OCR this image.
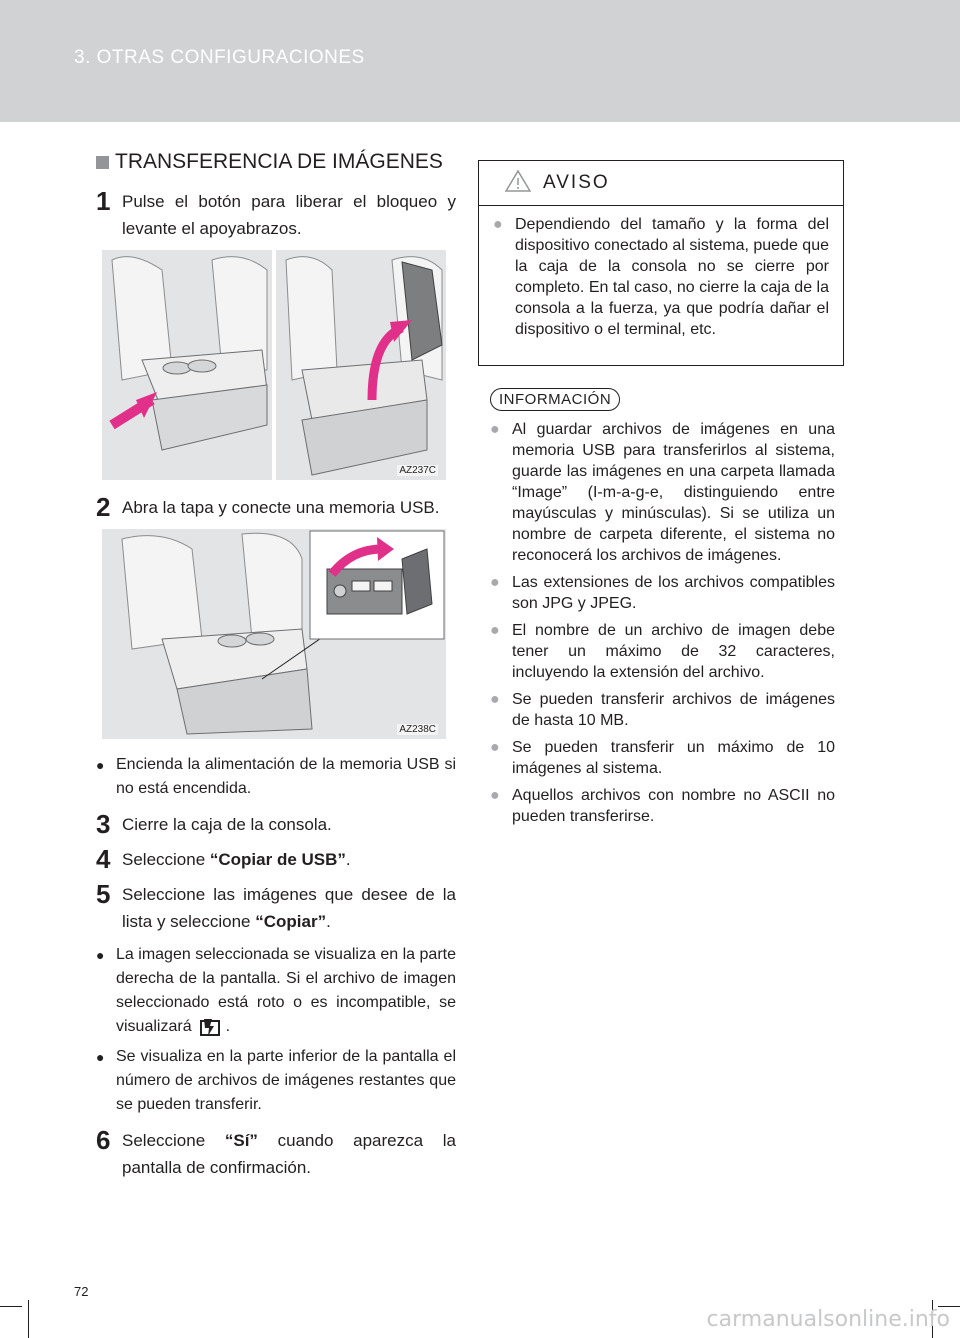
3. OTRAS CONFIGURACIONES
TRANSFERENCIA DE IMÁGENES
1 Pulse el botón para liberar el bloqueo y levante el apoyabrazos.
AZ237C
2 Abra la tapa y conecte una memoria USB.
AZ238C
● Encienda la alimentación de la memoria USB si no está encendida.
3 Cierre la caja de la consola.
4 Seleccione “Copiar de USB”.
5 Seleccione las imágenes que desee de la lista y seleccione “Copiar”.
● La imagen seleccionada se visualiza en la parte derecha de la pantalla. Si el archivo de imagen seleccionado está roto o es incompatible, se visualizará .
● Se visualiza en la parte inferior de la pantalla el número de archivos de imágenes restantes que se pueden transferir.
6 Seleccione “Sí” cuando aparezca la pantalla de confirmación.
AVISO
● Dependiendo del tamaño y la forma del dispositivo conectado al sistema, puede que la caja de la consola no se cierre por completo. En tal caso, no cierre la caja de la consola a la fuerza, ya que podría dañar el dispositivo o el terminal, etc.
INFORMACIÓN
● Al guardar archivos de imágenes en una memoria USB para transferirlos al sistema, guarde las imágenes en una carpeta llamada “Image” (I-m-a-g-e, distinguiendo entre mayúsculas y minúsculas). Si se utiliza un nombre de carpeta diferente, el sistema no reconocerá los archivos de imágenes.
● Las extensiones de los archivos compatibles son JPG y JPEG.
● El nombre de un archivo de imagen debe tener un máximo de 32 caracteres, incluyendo la extensión del archivo.
● Se pueden transferir archivos de imágenes de hasta 10 MB.
● Se pueden transferir un máximo de 10 imágenes al sistema.
● Aquellos archivos con nombre no ASCII no pueden transferirse.
72
carmanualsonline.info
